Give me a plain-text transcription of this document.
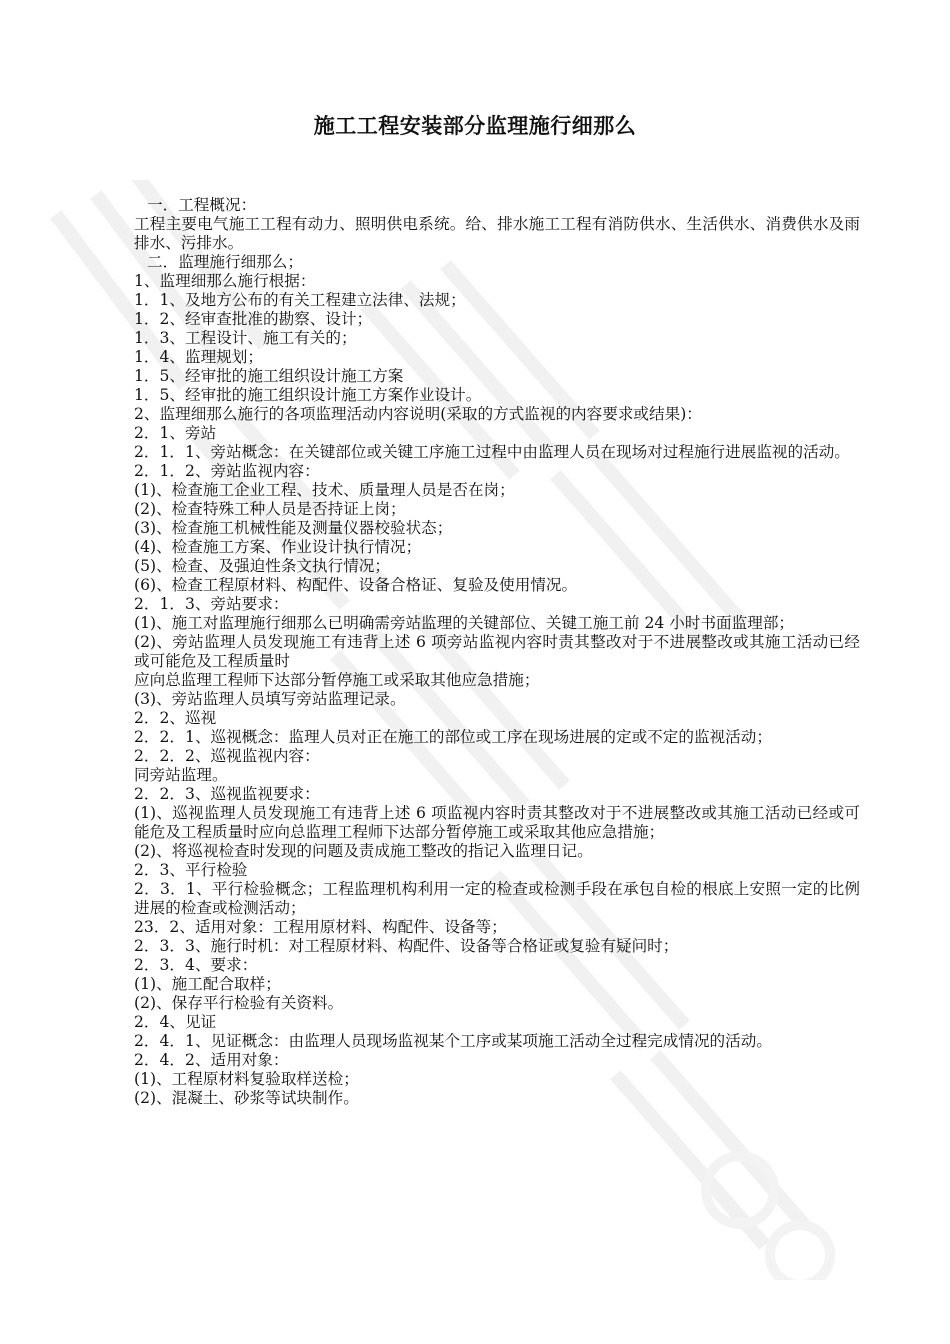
施工工程安装部分监理施行细那么
一．工程概况：
工程主要电气施工工程有动力、照明供电系统。给、排水施工工程有消防供水、生活供水、消费供水及雨排水、污排水。
二．监理施行细那么；
1、监理细那么施行根据：
1．1、及地方公布的有关工程建立法律、法规；
1．2、经审查批准的勘察、设计；
1．3、工程设计、施工有关的；
1．4、监理规划；
1．5、经审批的施工组织设计施工方案
1．5、经审批的施工组织设计施工方案作业设计。
2、监理细那么施行的各项监理活动内容说明(采取的方式监视的内容要求或结果)：
2．1、旁站
2．1．1、旁站概念：在关键部位或关键工序施工过程中由监理人员在现场对过程施行进展监视的活动。
2．1．2、旁站监视内容：
(1)、检查施工企业工程、技术、质量理人员是否在岗；
(2)、检查特殊工种人员是否持证上岗；
(3)、检查施工机械性能及测量仪器校验状态；
(4)、检查施工方案、作业设计执行情况；
(5)、检查、及强迫性条文执行情况；
(6)、检查工程原材料、构配件、设备合格证、复验及使用情况。
2．1．3、旁站要求：
(1)、施工对监理施行细那么已明确需旁站监理的关键部位、关键工施工前 24 小时书面监理部；
(2)、旁站监理人员发现施工有违背上述 6 项旁站监视内容时责其整改对于不进展整改或其施工活动已经或可能危及工程质量时
应向总监理工程师下达部分暂停施工或采取其他应急措施；
(3)、旁站监理人员填写旁站监理记录。
2．2、巡视
2．2．1、巡视概念：监理人员对正在施工的部位或工序在现场进展的定或不定的监视活动；
2．2．2、巡视监视内容：
同旁站监理。
2．2．3、巡视监视要求：
(1)、巡视监理人员发现施工有违背上述 6 项监视内容时责其整改对于不进展整改或其施工活动已经或可能危及工程质量时应向总监理工程师下达部分暂停施工或采取其他应急措施；
(2)、将巡视检查时发现的问题及责成施工整改的指记入监理日记。
2．3、平行检验
2．3．1、平行检验概念；工程监理机构利用一定的检查或检测手段在承包自检的根底上安照一定的比例进展的检查或检测活动；
23．2、适用对象：工程用原材料、构配件、设备等；
2．3．3、施行时机：对工程原材料、构配件、设备等合格证或复验有疑问时；
2．3．4、要求：
(1)、施工配合取样；
(2)、保存平行检验有关资料。
2．4、见证
2．4．1、见证概念：由监理人员现场监视某个工序或某项施工活动全过程完成情况的活动。
2．4．2、适用对象：
(1)、工程原材料复验取样送检；
(2)、混凝土、砂浆等试块制作。
